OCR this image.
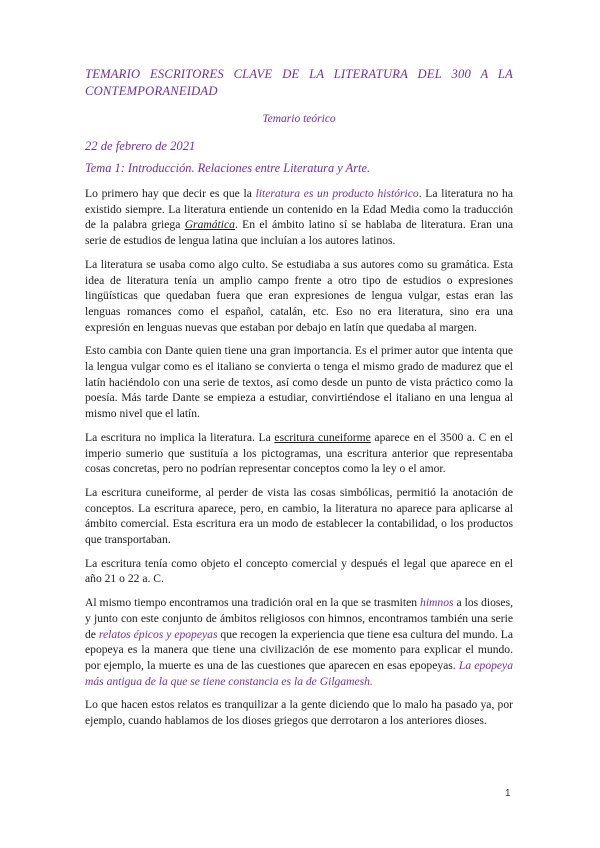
TEMARIO ESCRITORES CLAVE DE LA LITERATURA DEL 300 A LA CONTEMPORANEIDAD

Temario teórico

22 de febrero de 2021

Tema 1: Introducción. Relaciones entre Literatura y Arte.

Lo primero hay que decir es que la literatura es un producto histórico. La literatura no ha existido siempre. La literatura entiende un contenido en la Edad Media como la traducción de la palabra griega Gramática. En el ámbito latino sí se hablaba de literatura. Eran una serie de estudios de lengua latina que incluían a los autores latinos.

La literatura se usaba como algo culto. Se estudiaba a sus autores como su gramática. Esta idea de literatura tenía un amplio campo frente a otro tipo de estudios o expresiones lingüísticas que quedaban fuera que eran expresiones de lengua vulgar, estas eran las lenguas romances como el español, catalán, etc. Eso no era literatura, sino era una expresión en lenguas nuevas que estaban por debajo en latín que quedaba al margen.

Esto cambia con Dante quien tiene una gran importancia. Es el primer autor que intenta que la lengua vulgar como es el italiano se convierta o tenga el mismo grado de madurez que el latín haciéndolo con una serie de textos, así como desde un punto de vista práctico como la poesía. Más tarde Dante se empieza a estudiar, convirtiéndose el italiano en una lengua al mismo nivel que el latín.

La escritura no implica la literatura. La escritura cuneiforme aparece en el 3500 a. C en el imperio sumerio que sustituía a los pictogramas, una escritura anterior que representaba cosas concretas, pero no podrían representar conceptos como la ley o el amor.

La escritura cuneiforme, al perder de vista las cosas simbólicas, permitió la anotación de conceptos. La escritura aparece, pero, en cambio, la literatura no aparece para aplicarse al ámbito comercial. Esta escritura era un modo de establecer la contabilidad, o los productos que transportaban.

La escritura tenía como objeto el concepto comercial y después el legal que aparece en el año 21 o 22 a. C.

Al mismo tiempo encontramos una tradición oral en la que se trasmiten himnos a los dioses, y junto con este conjunto de ámbitos religiosos con himnos, encontramos también una serie de relatos épicos y epopeyas que recogen la experiencia que tiene esa cultura del mundo. La epopeya es la manera que tiene una civilización de ese momento para explicar el mundo. por ejemplo, la muerte es una de las cuestiones que aparecen en esas epopeyas. La epopeya más antigua de la que se tiene constancia es la de Gilgamesh.

Lo que hacen estos relatos es tranquilizar a la gente diciendo que lo malo ha pasado ya, por ejemplo, cuando hablamos de los dioses griegos que derrotaron a los anteriores dioses.

1
